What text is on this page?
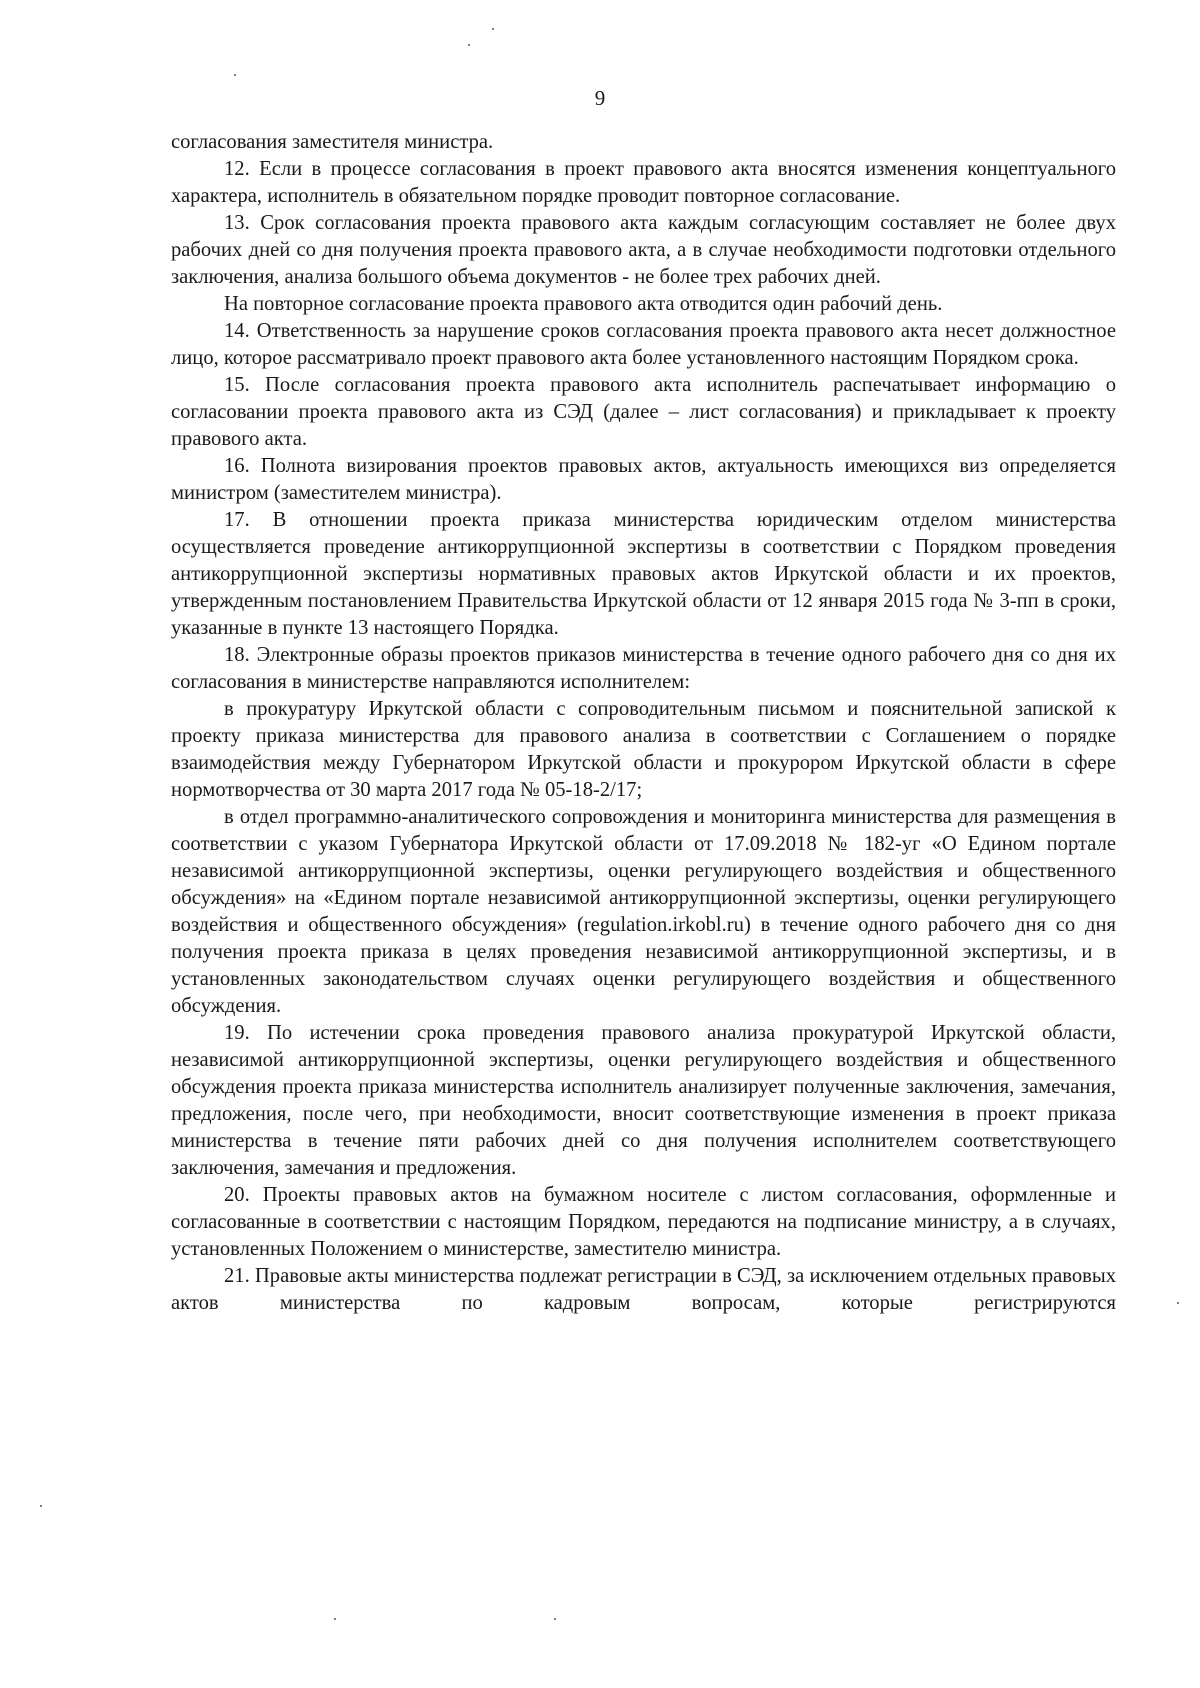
9

согласования заместителя министра.

12. Если в процессе согласования в проект правового акта вносятся изменения концептуального характера, исполнитель в обязательном порядке проводит повторное согласование.

13. Срок согласования проекта правового акта каждым согласующим составляет не более двух рабочих дней со дня получения проекта правового акта, а в случае необходимости подготовки отдельного заключения, анализа большого объема документов - не более трех рабочих дней.

На повторное согласование проекта правового акта отводится один рабочий день.

14. Ответственность за нарушение сроков согласования проекта правового акта несет должностное лицо, которое рассматривало проект правового акта более установленного настоящим Порядком срока.

15. После согласования проекта правового акта исполнитель распечатывает информацию о согласовании проекта правового акта из СЭД (далее – лист согласования) и прикладывает к проекту правового акта.

16. Полнота визирования проектов правовых актов, актуальность имеющихся виз определяется министром (заместителем министра).

17. В отношении проекта приказа министерства юридическим отделом министерства осуществляется проведение антикоррупционной экспертизы в соответствии с Порядком проведения антикоррупционной экспертизы нормативных правовых актов Иркутской области и их проектов, утвержденным постановлением Правительства Иркутской области от 12 января 2015 года № 3-пп в сроки, указанные в пункте 13 настоящего Порядка.

18. Электронные образы проектов приказов министерства в течение одного рабочего дня со дня их согласования в министерстве направляются исполнителем:

в прокуратуру Иркутской области с сопроводительным письмом и пояснительной запиской к проекту приказа министерства для правового анализа в соответствии с Соглашением о порядке взаимодействия между Губернатором Иркутской области и прокурором Иркутской области в сфере нормотворчества от 30 марта 2017 года № 05-18-2/17;

в отдел программно-аналитического сопровождения и мониторинга министерства для размещения в соответствии с указом Губернатора Иркутской области от 17.09.2018 № 182-уг «О Едином портале независимой антикоррупционной экспертизы, оценки регулирующего воздействия и общественного обсуждения» на «Едином портале независимой антикоррупционной экспертизы, оценки регулирующего воздействия и общественного обсуждения» (regulation.irkobl.ru) в течение одного рабочего дня со дня получения проекта приказа в целях проведения независимой антикоррупционной экспертизы, и в установленных законодательством случаях оценки регулирующего воздействия и общественного обсуждения.

19. По истечении срока проведения правового анализа прокуратурой Иркутской области, независимой антикоррупционной экспертизы, оценки регулирующего воздействия и общественного обсуждения проекта приказа министерства исполнитель анализирует полученные заключения, замечания, предложения, после чего, при необходимости, вносит соответствующие изменения в проект приказа министерства в течение пяти рабочих дней со дня получения исполнителем соответствующего заключения, замечания и предложения.

20. Проекты правовых актов на бумажном носителе с листом согласования, оформленные и согласованные в соответствии с настоящим Порядком, передаются на подписание министру, а в случаях, установленных Положением о министерстве, заместителю министра.

21. Правовые акты министерства подлежат регистрации в СЭД, за исключением отдельных правовых актов министерства по кадровым вопросам, которые регистрируются
